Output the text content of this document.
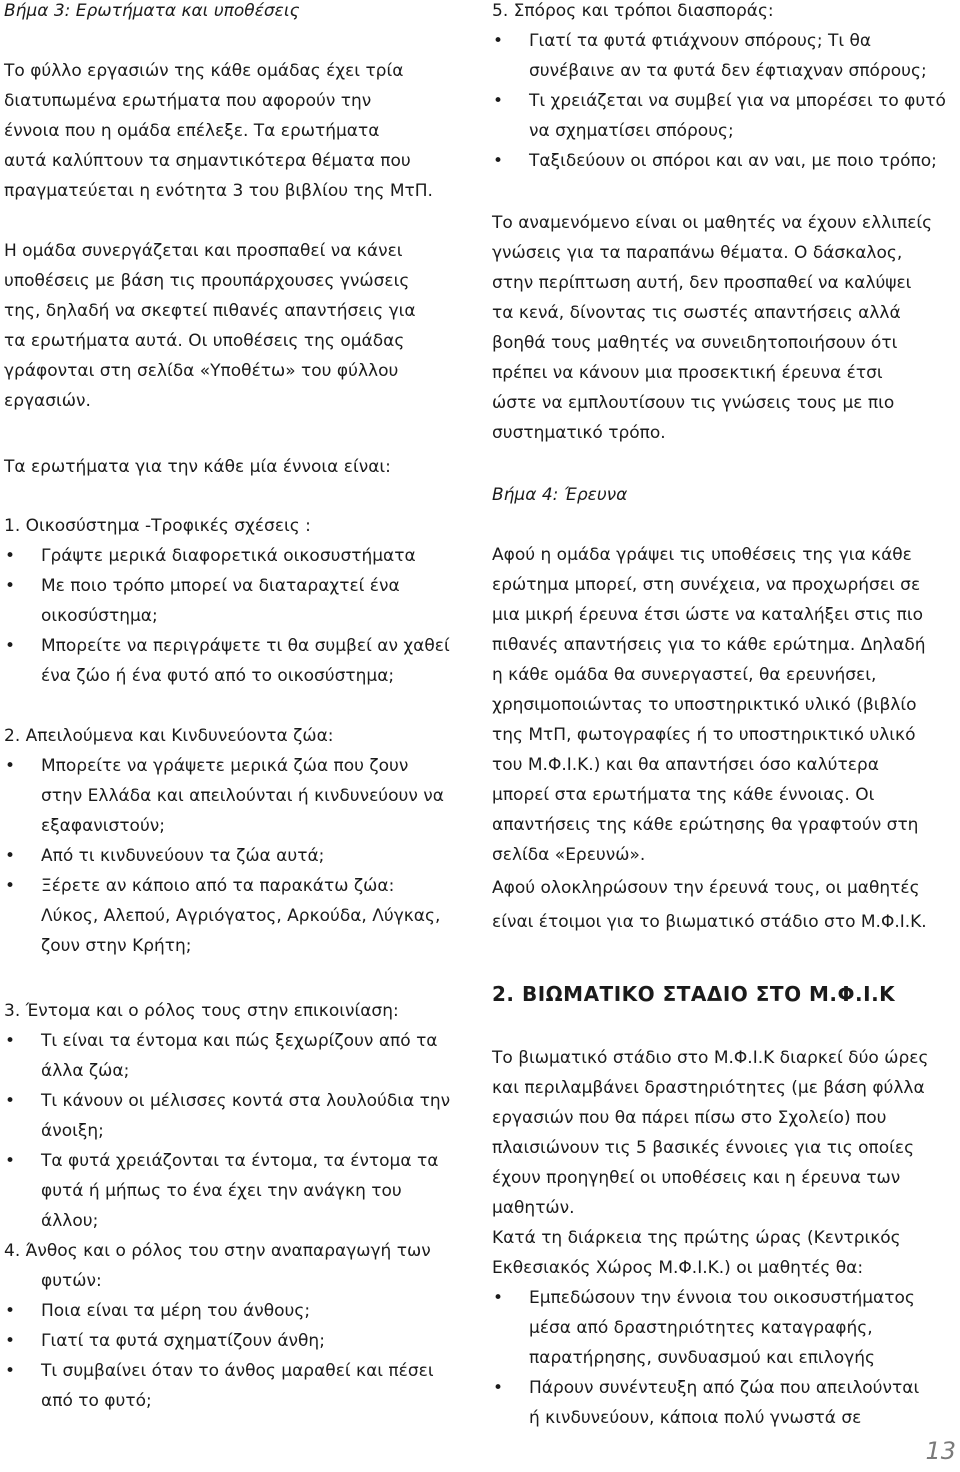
Βήμα 3: Ερωτήματα και υποθέσεις

Το φύλλο εργασιών της κάθε ομάδας έχει τρία

διατυπωμένα ερωτήματα που αφορούν την

έννοια που η ομάδα επέλεξε. Τα ερωτήματα

αυτά καλύπτουν τα σημαντικότερα θέματα που

πραγματεύεται η ενότητα 3 του βιβλίου της ΜτΠ.

Η ομάδα συνεργάζεται και προσπαθεί να κάνει

υποθέσεις με βάση τις προυπάρχουσες γνώσεις

της, δηλαδή να σκεφτεί πιθανές απαντήσεις για

τα ερωτήματα αυτά. Οι υποθέσεις της ομάδας

γράφονται στη σελίδα «Υποθέτω» του φύλλου

εργασιών.

Τα ερωτήματα για την κάθε μία έννοια είναι:

1. Οικοσύστημα -Τροφικές σχέσεις :

• Γράψτε μερικά διαφορετικά οικοσυστήματα
• Με ποιο τρόπο μπορεί να διαταραχτεί ένα
οικοσύστημα;
• Μπορείτε να περιγράψετε τι θα συμβεί αν χαθεί
ένα ζώο ή ένα φυτό από το οικοσύστημα;

2. Απειλούμενα και Κινδυνεύοντα ζώα:

• Μπορείτε να γράψετε μερικά ζώα που ζουν
στην Ελλάδα και απειλούνται ή κινδυνεύουν να
εξαφανιστούν;
• Από τι κινδυνεύουν τα ζώα αυτά;
• Ξέρετε αν κάποιο από τα παρακάτω ζώα:
Λύκος, Αλεπού, Αγριόγατος, Αρκούδα, Λύγκας,
ζουν στην Κρήτη;

3. Έντομα και ο ρόλος τους στην επικοινίαση:

• Τι είναι τα έντομα και πώς ξεχωρίζουν από τα
άλλα ζώα;
• Τι κάνουν οι μέλισσες κοντά στα λουλούδια την
άνοιξη;
• Τα φυτά χρειάζονται τα έντομα, τα έντομα τα
φυτά ή μήπως το ένα έχει την ανάγκη του
άλλου;

4. Άνθος και ο ρόλος του στην αναπαραγωγή των

φυτών:

• Ποια είναι τα μέρη του άνθους;
• Γιατί τα φυτά σχηματίζουν άνθη;
• Τι συμβαίνει όταν το άνθος μαραθεί και πέσει
από το φυτό;

5. Σπόρος και τρόποι διασποράς:

• Γιατί τα φυτά φτιάχνουν σπόρους; Τι θα
συνέβαινε αν τα φυτά δεν έφτιαχναν σπόρους;
• Τι χρειάζεται να συμβεί για να μπορέσει το φυτό
να σχηματίσει σπόρους;
• Ταξιδεύουν οι σπόροι και αν ναι, με ποιο τρόπο;

Το αναμενόμενο είναι οι μαθητές να έχουν ελλιπείς

γνώσεις για τα παραπάνω θέματα. Ο δάσκαλος,

στην περίπτωση αυτή, δεν προσπαθεί να καλύψει

τα κενά, δίνοντας τις σωστές απαντήσεις αλλά

βοηθά τους μαθητές να συνειδητοποιήσουν ότι

πρέπει να κάνουν μια προσεκτική έρευνα έτσι

ώστε να εμπλουτίσουν τις γνώσεις τους με πιο

συστηματικό τρόπο.

Βήμα 4: Έρευνα

Αφού η ομάδα γράψει τις υποθέσεις της για κάθε

ερώτημα μπορεί, στη συνέχεια, να προχωρήσει σε

μια μικρή έρευνα έτσι ώστε να καταλήξει στις πιο

πιθανές απαντήσεις για το κάθε ερώτημα. Δηλαδή

η κάθε ομάδα θα συνεργαστεί, θα ερευνήσει,

χρησιμοποιώντας το υποστηρικτικό υλικό (βιβλίο

της ΜτΠ, φωτογραφίες ή το υποστηρικτικό υλικό

του Μ.Φ.Ι.Κ.) και θα απαντήσει όσο καλύτερα

μπορεί στα ερωτήματα της κάθε έννοιας. Οι

απαντήσεις της κάθε ερώτησης θα γραφτούν στη

σελίδα «Ερευνώ».

Αφού ολοκληρώσουν την έρευνά τους, οι μαθητές

είναι έτοιμοι για το βιωματικό στάδιο στο Μ.Φ.Ι.Κ.

2. ΒΙΩΜΑΤΙΚΟ ΣΤΑΔΙΟ ΣΤΟ Μ.Φ.Ι.Κ

Το βιωματικό στάδιο στο Μ.Φ.Ι.Κ διαρκεί δύο ώρες

και περιλαμβάνει δραστηριότητες (με βάση φύλλα

εργασιών που θα πάρει πίσω στο Σχολείο) που

πλαισιώνουν τις 5 βασικές έννοιες για τις οποίες

έχουν προηγηθεί οι υποθέσεις και η έρευνα των

μαθητών.

Κατά τη διάρκεια της πρώτης ώρας (Κεντρικός

Εκθεσιακός Χώρος Μ.Φ.Ι.Κ.) οι μαθητές θα:

• Εμπεδώσουν την έννοια του οικοσυστήματος
μέσα από δραστηριότητες καταγραφής,
παρατήρησης, συνδυασμού και επιλογής
• Πάρουν συνέντευξη από ζώα που απειλούνται
ή κινδυνεύουν, κάποια πολύ γνωστά σε
13
